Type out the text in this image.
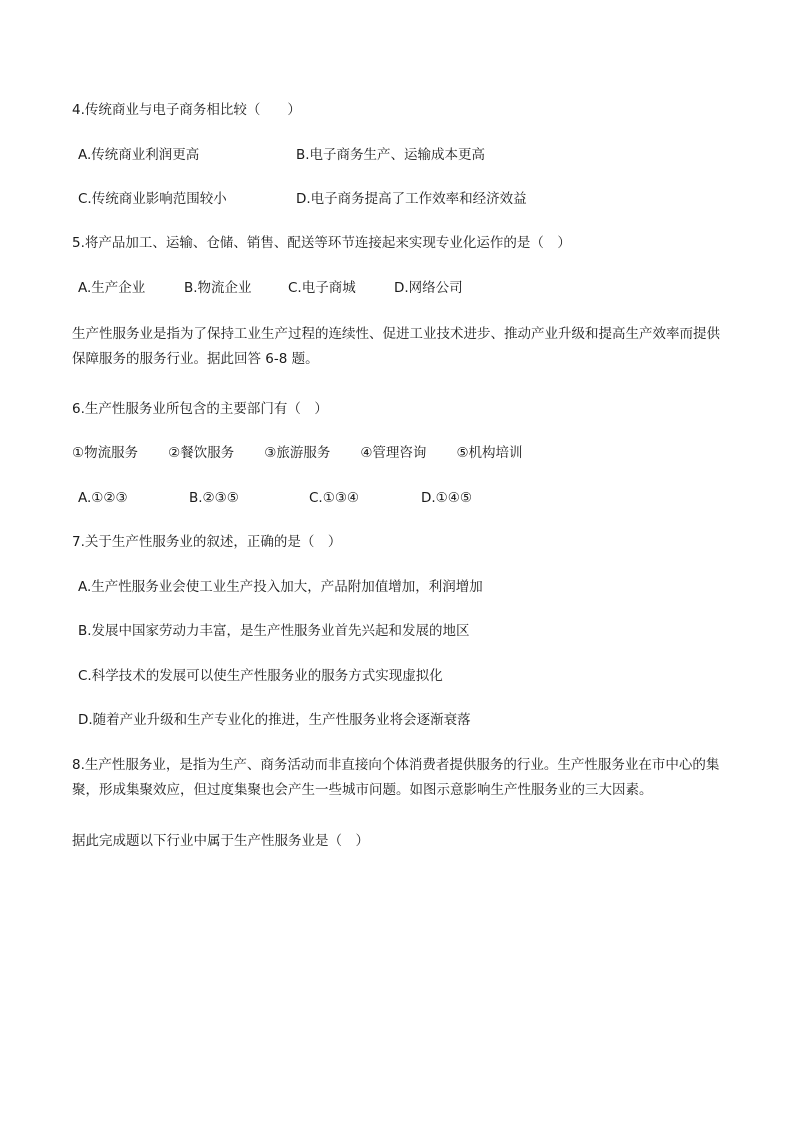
4.传统商业与电子商务相比较（　　）
A.传统商业利润更高	B.电子商务生产、运输成本更高
C.传统商业影响范围较小	D.电子商务提高了工作效率和经济效益
5.将产品加工、运输、仓储、销售、配送等环节连接起来实现专业化运作的是（　）
A.生产企业	B.物流企业	C.电子商城	D.网络公司
生产性服务业是指为了保持工业生产过程的连续性、促进工业技术进步、推动产业升级和提高生产效率而提供保障服务的服务行业。据此回答 6-8 题。
6.生产性服务业所包含的主要部门有（　）
①物流服务 ②餐饮服务 ③旅游服务 ④管理咨询 ⑤机构培训
A.①②③	B.②③⑤	C.①③④	D.①④⑤
7.关于生产性服务业的叙述，正确的是（　）
A.生产性服务业会使工业生产投入加大，产品附加值增加，利润增加
B.发展中国家劳动力丰富，是生产性服务业首先兴起和发展的地区
C.科学技术的发展可以使生产性服务业的服务方式实现虚拟化
D.随着产业升级和生产专业化的推进，生产性服务业将会逐渐衰落
8.生产性服务业，是指为生产、商务活动而非直接向个体消费者提供服务的行业。生产性服务业在市中心的集聚，形成集聚效应，但过度集聚也会产生一些城市问题。如图示意影响生产性服务业的三大因素。
据此完成题以下行业中属于生产性服务业是（　）
